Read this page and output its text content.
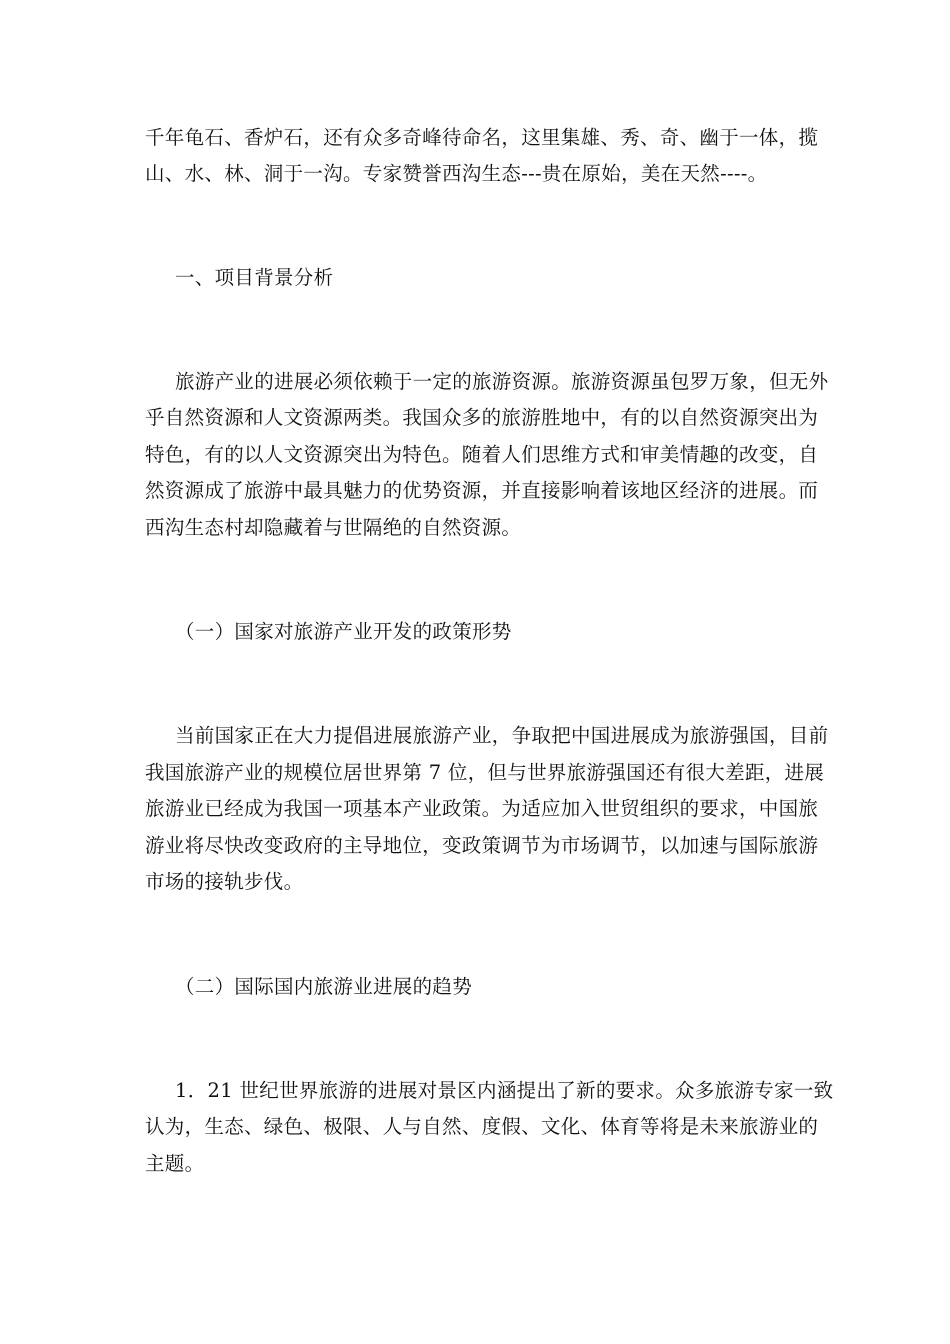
千年龟石、香炉石，还有众多奇峰待命名，这里集雄、秀、奇、幽于一体，揽
山、水、林、洞于一沟。专家赞誉西沟生态---贵在原始，美在天然----。
一、项目背景分析
旅游产业的进展必须依赖于一定的旅游资源。旅游资源虽包罗万象，但无外
乎自然资源和人文资源两类。我国众多的旅游胜地中，有的以自然资源突出为
特色，有的以人文资源突出为特色。随着人们思维方式和审美情趣的改变，自
然资源成了旅游中最具魅力的优势资源，并直接影响着该地区经济的进展。而
西沟生态村却隐藏着与世隔绝的自然资源。
（一）国家对旅游产业开发的政策形势
当前国家正在大力提倡进展旅游产业，争取把中国进展成为旅游强国，目前
我国旅游产业的规模位居世界第 7 位，但与世界旅游强国还有很大差距，进展
旅游业已经成为我国一项基本产业政策。为适应加入世贸组织的要求，中国旅
游业将尽快改变政府的主导地位，变政策调节为市场调节，以加速与国际旅游
市场的接轨步伐。
（二）国际国内旅游业进展的趋势
1．21 世纪世界旅游的进展对景区内涵提出了新的要求。众多旅游专家一致
认为，生态、绿色、极限、人与自然、度假、文化、体育等将是未来旅游业的
主题。
